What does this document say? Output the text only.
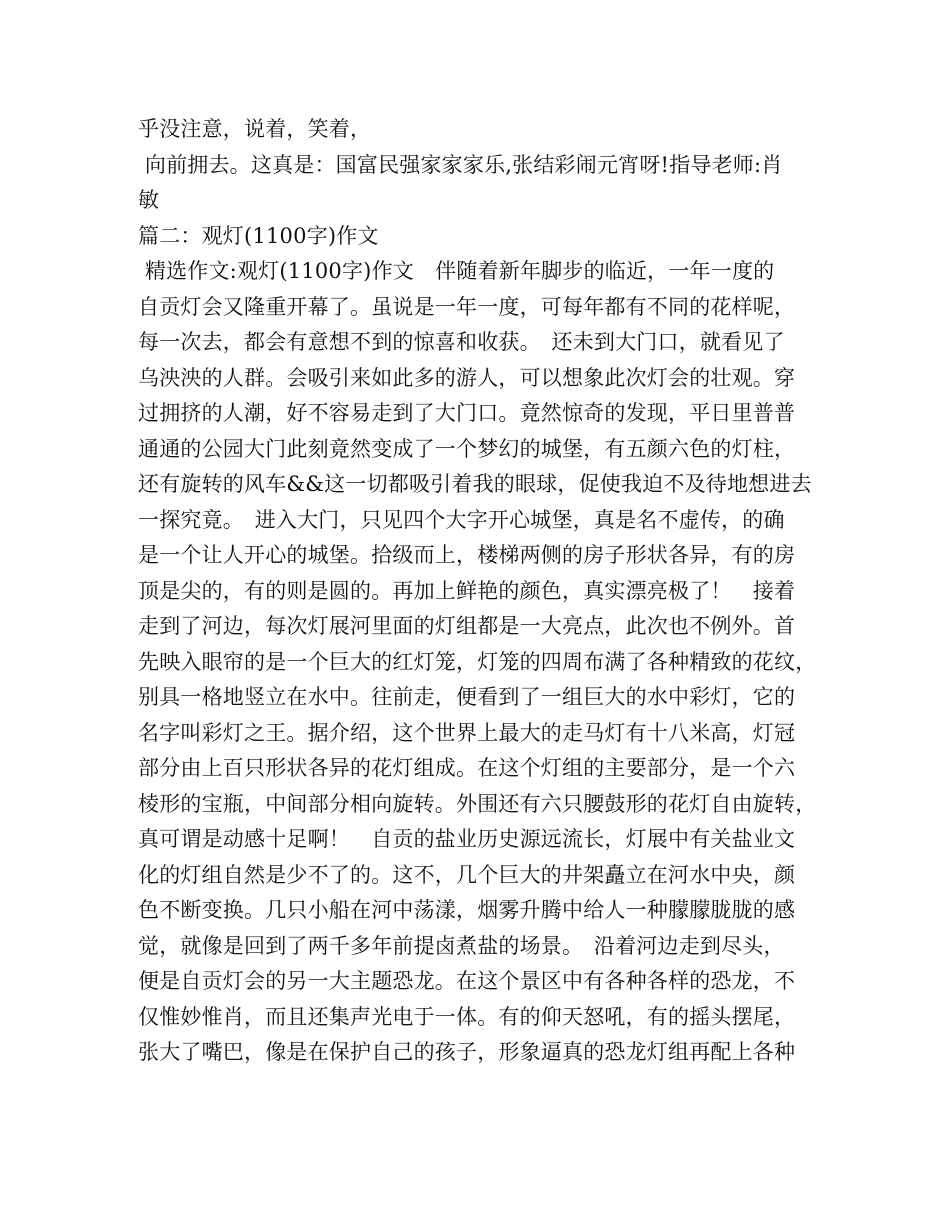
乎没注意，说着，笑着，
向前拥去。这真是：国富民强家家家乐,张结彩闹元宵呀!指导老师:肖
敏
篇二：观灯(1100字)作文
精选作文:观灯(1100字)作文　伴随着新年脚步的临近，一年一度的
自贡灯会又隆重开幕了。虽说是一年一度，可每年都有不同的花样呢，
每一次去，都会有意想不到的惊喜和收获。　还未到大门口，就看见了
乌泱泱的人群。会吸引来如此多的游人，可以想象此次灯会的壮观。穿
过拥挤的人潮，好不容易走到了大门口。竟然惊奇的发现，平日里普普
通通的公园大门此刻竟然变成了一个梦幻的城堡，有五颜六色的灯柱，
还有旋转的风车&&这一切都吸引着我的眼球，促使我迫不及待地想进去
一探究竟。　进入大门，只见四个大字开心城堡，真是名不虚传，的确
是一个让人开心的城堡。拾级而上，楼梯两侧的房子形状各异，有的房
顶是尖的，有的则是圆的。再加上鲜艳的颜色，真实漂亮极了！　接着
走到了河边，每次灯展河里面的灯组都是一大亮点，此次也不例外。首
先映入眼帘的是一个巨大的红灯笼，灯笼的四周布满了各种精致的花纹，
别具一格地竖立在水中。往前走，便看到了一组巨大的水中彩灯，它的
名字叫彩灯之王。据介绍，这个世界上最大的走马灯有十八米高，灯冠
部分由上百只形状各异的花灯组成。在这个灯组的主要部分，是一个六
棱形的宝瓶，中间部分相向旋转。外围还有六只腰鼓形的花灯自由旋转，
真可谓是动感十足啊！　自贡的盐业历史源远流长，灯展中有关盐业文
化的灯组自然是少不了的。这不，几个巨大的井架矗立在河水中央，颜
色不断变换。几只小船在河中荡漾，烟雾升腾中给人一种朦朦胧胧的感
觉，就像是回到了两千多年前提卤煮盐的场景。　沿着河边走到尽头，
便是自贡灯会的另一大主题恐龙。在这个景区中有各种各样的恐龙，不
仅惟妙惟肖，而且还集声光电于一体。有的仰天怒吼，有的摇头摆尾，
张大了嘴巴，像是在保护自己的孩子，形象逼真的恐龙灯组再配上各种
